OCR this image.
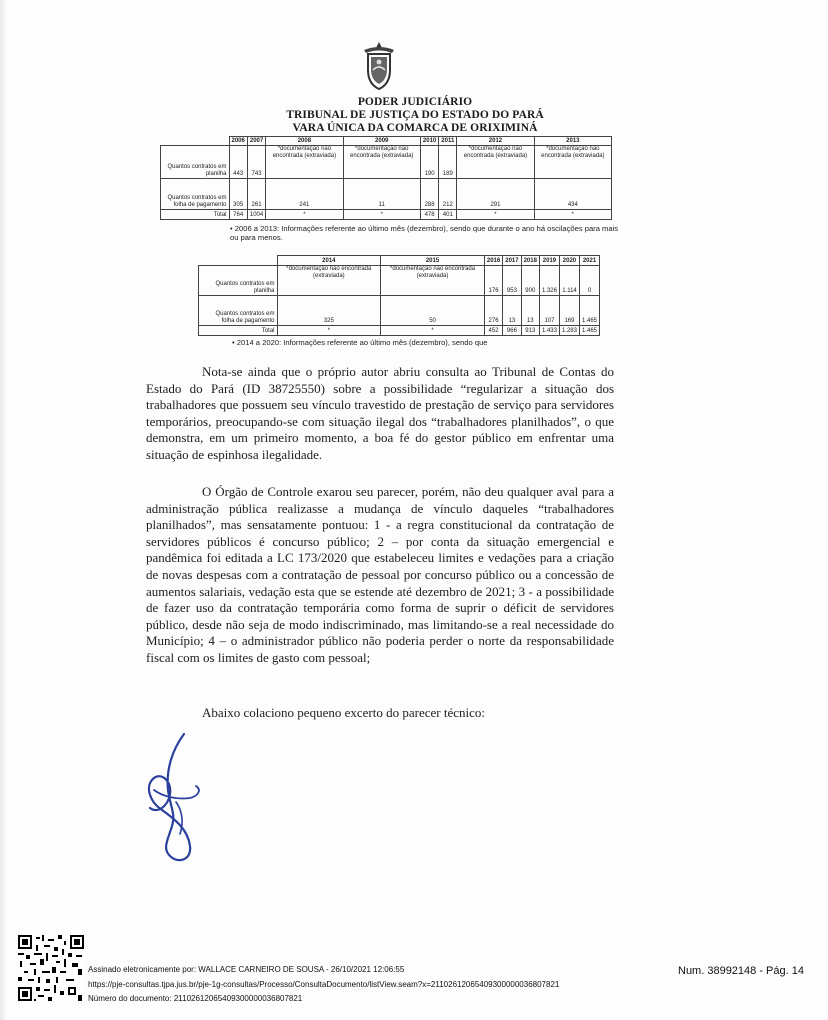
PODER JUDICIÁRIO
TRIBUNAL DE JUSTIÇA DO ESTADO DO PARÁ
VARA ÚNICA DA COMARCA DE ORIXIMINÁ
	2006	2007	2008	2009	2010	2011	2012	2013
Quantos contratos em planilha	443	743	*documentação não encontrada (extraviada)	*documentação não encontrada (extraviada)	190	189	*documentação não encontrada (extraviada)	*documentação não encontrada (extraviada)
Quantos contratos em folha de pagamento	305	261	241	11	288	212	291	434
Total	764	1004	*	*	478	401	*	*
• 2006 a 2013: Informações referente ao último mês (dezembro), sendo que durante o ano há oscilações para mais ou para menos.
	2014	2015	2016	2017	2018	2019	2020	2021
Quantos contratos em planilha	*documentação não encontrada (extraviada)	*documentação não encontrada (extraviada)	176	953	900	1.326	1.114	0
Quantos contratos em folha de pagamento	325	50	276	13	13	107	169	1.465
Total	*	*	452	966	913	1.433	1.283	1.465
• 2014 a 2020: Informações referente ao último mês (dezembro), sendo que

Nota-se ainda que o próprio autor abriu consulta ao Tribunal de Contas do Estado do Pará (ID 38725550) sobre a possibilidade “regularizar a situação dos trabalhadores que possuem seu vínculo travestido de prestação de serviço para servidores temporários, preocupando-se com situação ilegal dos “trabalhadores planilhados”, o que demonstra, em um primeiro momento, a boa fé do gestor público em enfrentar uma situação de espinhosa ilegalidade.

O Órgão de Controle exarou seu parecer, porém, não deu qualquer aval para a administração pública realizasse a mudança de vínculo daqueles “trabalhadores planilhados”, mas sensatamente pontuou: 1 - a regra constitucional da contratação de servidores públicos é concurso público; 2 – por conta da situação emergencial e pandêmica foi editada a LC 173/2020 que estabeleceu limites e vedações para a criação de novas despesas com a contratação de pessoal por concurso público ou a concessão de aumentos salariais, vedação esta que se estende até dezembro de 2021; 3 - a possibilidade de fazer uso da contratação temporária como forma de suprir o déficit de servidores público, desde não seja de modo indiscriminado, mas limitando-se a real necessidade do Município; 4 – o administrador público não poderia perder o norte da responsabilidade fiscal com os limites de gasto com pessoal;

Abaixo colaciono pequeno excerto do parecer técnico:

Assinado eletronicamente por: WALLACE CARNEIRO DE SOUSA - 26/10/2021 12:06:55
https://pje-consultas.tjpa.jus.br/pje-1g-consultas/Processo/ConsultaDocumento/listView.seam?x=21102612065409300000036807821
Número do documento: 21102612065409300000036807821
Num. 38992148 - Pág. 14
